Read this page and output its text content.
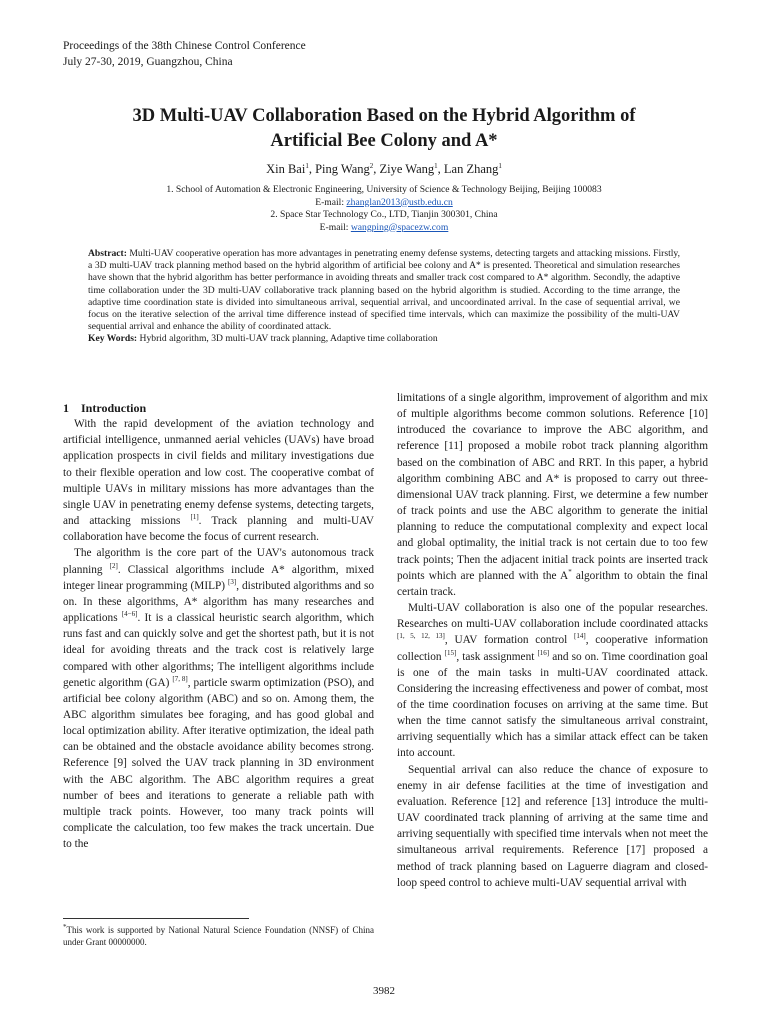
Proceedings of the 38th Chinese Control Conference
July 27-30, 2019, Guangzhou, China
3D Multi-UAV Collaboration Based on the Hybrid Algorithm of
Artificial Bee Colony and A*
Xin Bai$^1$, Ping Wang$^2$, Ziye Wang$^1$, Lan Zhang$^1$
1. School of Automation & Electronic Engineering, University of Science & Technology Beijing, Beijing 100083
E-mail: zhanglan2013@ustb.edu.cn
2. Space Star Technology Co., LTD, Tianjin 300301, China
E-mail: wangping@spacezw.com

Abstract: Multi-UAV cooperative operation has more advantages in penetrating enemy defense systems, detecting targets and attacking missions. Firstly, a 3D multi-UAV track planning method based on the hybrid algorithm of artificial bee colony and A* is presented. Theoretical and simulation researches have shown that the hybrid algorithm has better performance in avoiding threats and smaller track cost compared to A* algorithm. Secondly, the adaptive time collaboration under the 3D multi-UAV collaborative track planning based on the hybrid algorithm is studied. According to the time arrange, the adaptive time coordination state is divided into simultaneous arrival, sequential arrival, and uncoordinated arrival. In the case of sequential arrival, we focus on the iterative selection of the arrival time difference instead of specified time intervals, which can maximize the possibility of the multi-UAV sequential arrival and enhance the ability of coordinated attack.

Key Words: Hybrid algorithm, 3D multi-UAV track planning, Adaptive time collaboration

1 Introduction

With the rapid development of the aviation technology and artificial intelligence, unmanned aerial vehicles (UAVs) have broad application prospects in civil fields and military investigations due to their flexible operation and low cost. The cooperative combat of multiple UAVs in military missions has more advantages than the single UAV in penetrating enemy defense systems, detecting targets, and attacking missions [1]. Track planning and multi-UAV collaboration have become the focus of current research.

The algorithm is the core part of the UAV's autonomous track planning [2]. Classical algorithms include A* algorithm, mixed integer linear programming (MILP) [3], distributed algorithms and so on. In these algorithms, A* algorithm has many researches and applications [4−6]. It is a classical heuristic search algorithm, which runs fast and can quickly solve and get the shortest path, but it is not ideal for avoiding threats and the track cost is relatively large compared with other algorithms; The intelligent algorithms include genetic algorithm (GA) [7, 8], particle swarm optimization (PSO), and artificial bee colony algorithm (ABC) and so on. Among them, the ABC algorithm simulates bee foraging, and has good global and local optimization ability. After iterative optimization, the ideal path can be obtained and the obstacle avoidance ability becomes strong. Reference [9] solved the UAV track planning in 3D environment with the ABC algorithm. The ABC algorithm requires a great number of bees and iterations to generate a reliable path with multiple track points. However, too many track points will complicate the calculation, too few makes the track uncertain. Due to the

limitations of a single algorithm, improvement of algorithm and mix of multiple algorithms become common solutions. Reference [10] introduced the covariance to improve the ABC algorithm, and reference [11] proposed a mobile robot track planning algorithm based on the combination of ABC and RRT. In this paper, a hybrid algorithm combining ABC and A* is proposed to carry out three-dimensional UAV track planning. First, we determine a few number of track points and use the ABC algorithm to generate the initial planning to reduce the computational complexity and expect local and global optimality, the initial track is not certain due to too few track points; Then the adjacent initial track points are inserted track points which are planned with the A* algorithm to obtain the final certain track.

Multi-UAV collaboration is also one of the popular researches. Researches on multi-UAV collaboration include coordinated attacks [1, 5, 12, 13], UAV formation control [14], cooperative information collection [15], task assignment [16] and so on. Time coordination goal is one of the main tasks in multi-UAV coordinated attack. Considering the increasing effectiveness and power of combat, most of the time coordination focuses on arriving at the same time. But when the time cannot satisfy the simultaneous arrival constraint, arriving sequentially which has a similar attack effect can be taken into account.

Sequential arrival can also reduce the chance of exposure to enemy in air defense facilities at the time of investigation and evaluation. Reference [12] and reference [13] introduce the multi-UAV coordinated track planning of arriving at the same time and arriving sequentially with specified time intervals when not meet the simultaneous arrival requirements. Reference [17] proposed a method of track planning based on Laguerre diagram and closed-loop speed control to achieve multi-UAV sequential arrival with

*This work is supported by National Natural Science Foundation (NNSF) of China under Grant 00000000.
3982
